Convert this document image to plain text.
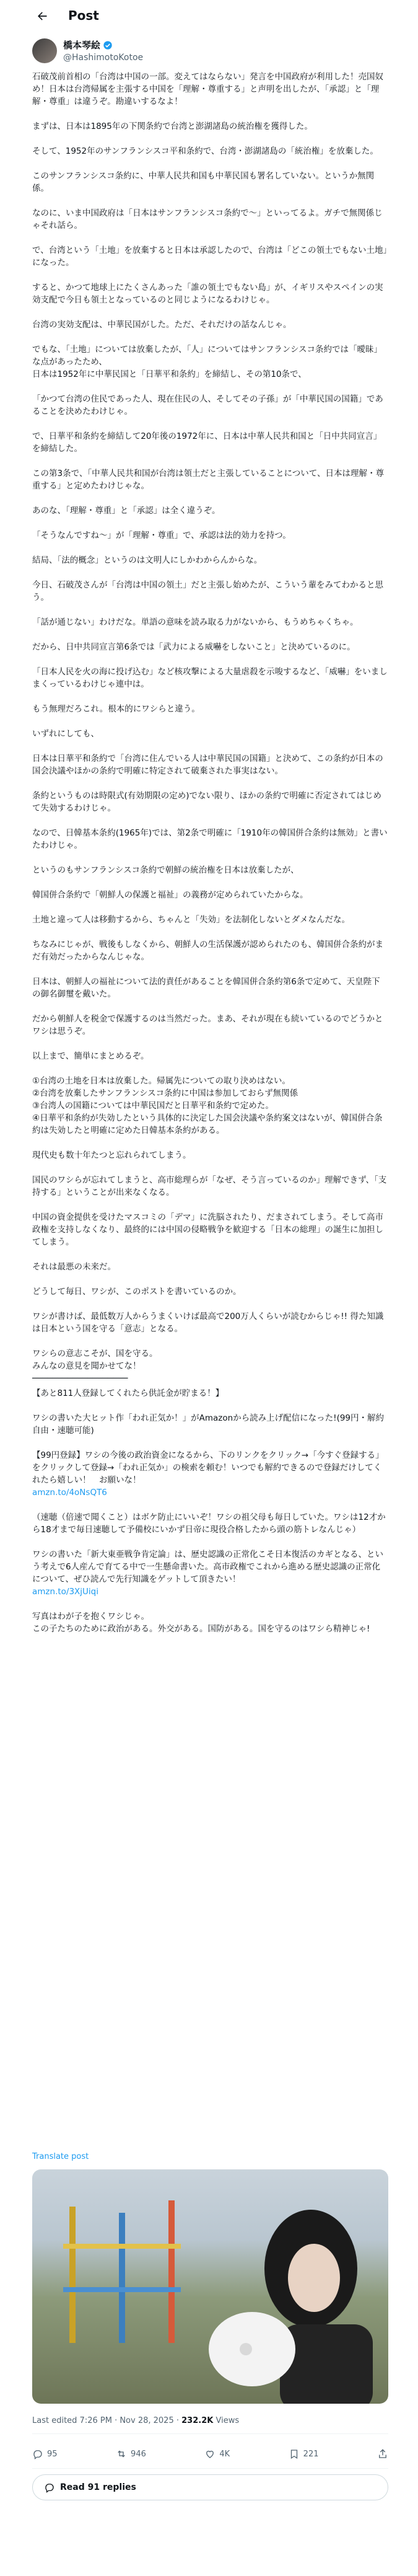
Post
橋本琴絵
@HashimotoKotoe

石破茂前首相の「台湾は中国の一部。変えてはならない」発言を中国政府が利用した！売国奴め！日本は台湾帰属を主張する中国を「理解・尊重する」と声明を出したが、「承認」と「理解・尊重」は違うぞ。勘違いするなよ！

まずは、日本は1895年の下関条約で台湾と澎湖諸島の統治権を獲得した。

そして、1952年のサンフランシスコ平和条約で、台湾・澎湖諸島の「統治権」を放棄した。

このサンフランシスコ条約に、中華人民共和国も中華民国も署名していない。というか無関係。

なのに、いま中国政府は「日本はサンフランシスコ条約で〜」といってるよ。ガチで無関係じゃそれ話ら。

で、台湾という「土地」を放棄すると日本は承認したので、台湾は「どこの領土でもない土地」になった。

すると、かつて地球上にたくさんあった「誰の領土でもない島」が、イギリスやスペインの実効支配で今日も領土となっているのと同じようになるわけじゃ。

台湾の実効支配は、中華民国がした。ただ、それだけの話なんじゃ。

でもな、「土地」については放棄したが、「人」についてはサンフランシスコ条約では「曖昧」な点があったため、
日本は1952年に中華民国と「日華平和条約」を締結し、その第10条で、

「かつて台湾の住民であった人、現在住民の人、そしてその子孫」が「中華民国の国籍」であることを決めたわけじゃ。

で、日華平和条約を締結して20年後の1972年に、日本は中華人民共和国と「日中共同宣言」を締結した。

この第3条で、「中華人民共和国が台湾は領土だと主張していることについて、日本は理解・尊重する」と定めたわけじゃな。

あのな、「理解・尊重」と「承認」は全く違うぞ。

「そうなんですね〜」が「理解・尊重」で、承認は法的効力を持つ。

結局、「法的概念」というのは文明人にしかわからんからな。

今日、石破茂さんが「台湾は中国の領土」だと主張し始めたが、こういう輩をみてわかると思う。

「話が通じない」わけだな。単語の意味を読み取る力がないから、もうめちゃくちゃ。

だから、日中共同宣言第6条では「武力による威嚇をしないこと」と決めているのに。

「日本人民を火の海に投げ込む」など核攻撃による大量虐殺を示唆するなど、「威嚇」をいましまくっているわけじゃ連中は。

もう無理だろこれ。根本的にワシらと違う。

いずれにしても、

日本は日華平和条約で「台湾に住んでいる人は中華民国の国籍」と決めて、この条約が日本の国会決議やほかの条約で明確に特定されて破棄された事実はない。

条約というものは時限式(有効期限の定め)でない限り、ほかの条約で明確に否定されてはじめて失効するわけじゃ。

なので、日韓基本条約(1965年)では、第2条で明確に「1910年の韓国併合条約は無効」と書いたわけじゃ。

というのもサンフランシスコ条約で朝鮮の統治権を日本は放棄したが、

韓国併合条約で「朝鮮人の保護と福祉」の義務が定められていたからな。

土地と違って人は移動するから、ちゃんと「失効」を法制化しないとダメなんだな。

ちなみにじゃが、戦後もしなくから、朝鮮人の生活保護が認められたのも、韓国併合条約がまだ有効だったからなんじゃな。

日本は、朝鮮人の福祉について法的責任があることを韓国併合条約第6条で定めて、天皇陛下の御名御璽を戴いた。

だから朝鮮人を税金で保護するのは当然だった。まあ、それが現在も続いているのでどうかとワシは思うぞ。

以上まで、簡単にまとめるぞ。

①台湾の土地を日本は放棄した。帰属先についての取り決めはない。
②台湾を放棄したサンフランシスコ条約に中国は参加しておらず無関係
③台湾人の国籍については中華民国だと日華平和条約で定めた。
④日華平和条約が失効したという具体的に決定した国会決議や条約案文はないが、韓国併合条約は失効したと明確に定めた日韓基本条約がある。

現代史も数十年たつと忘れられてしまう。

国民のワシらが忘れてしまうと、高市総理らが「なぜ、そう言っているのか」理解できず、「支持する」ということが出来なくなる。

中国の資金提供を受けたマスコミの「デマ」に洗脳されたり、だまされてしまう。そして高市政権を支持しなくなり、最終的には中国の侵略戦争を歓迎する「日本の総理」の誕生に加担してしまう。

それは最悪の未来だ。

どうして毎日、ワシが、このポストを書いているのか。

ワシが書けば、最低数万人からうまくいけば最高で200万人くらいが読むからじゃ!! 得た知識は日本という国を守る「意志」となる。

ワシらの意志こそが、国を守る。
みんなの意見を聞かせてな！
───────────────────

【あと811人登録してくれたら供託金が貯まる！】

ワシの書いた大ヒット作「われ正気か！」がAmazonから読み上げ配信になった!(99円・解約自由・速聴可能)

【99円登録】ワシの今後の政治資金になるから、下のリンクをクリック→「今すぐ登録する」をクリックして登録→「われ正気か」の検索を頼む！いつでも解約できるので登録だけしてくれたら嬉しい！　お願いな！
amzn.to/4oNsQT6

（速聴（倍速で聞くこと）はボケ防止にいいぞ！ワシの祖父母も毎日していた。ワシは12才から18才まで毎日速聴して予備校にいかず日帝に現役合格したから頭の筋トレなんじゃ）

ワシの書いた「新大東亜戦争肯定論」は、歴史認識の正常化こそ日本復活のカギとなる、という考えで6人産んで育てる中で一生懸命書いた。高市政権でこれから進める歴史認識の正常化について、ぜひ読んで先行知識をゲットして頂きたい！
amzn.to/3XjUiqi

写真はわが子を抱くワシじゃ。
この子たちのために政治がある。外交がある。国防がある。国を守るのはワシら精神じゃ!

Translate post
Last edited 7:26 PM · Nov 28, 2025 · 232.2K Views
95	946	4K	221
Read 91 replies
